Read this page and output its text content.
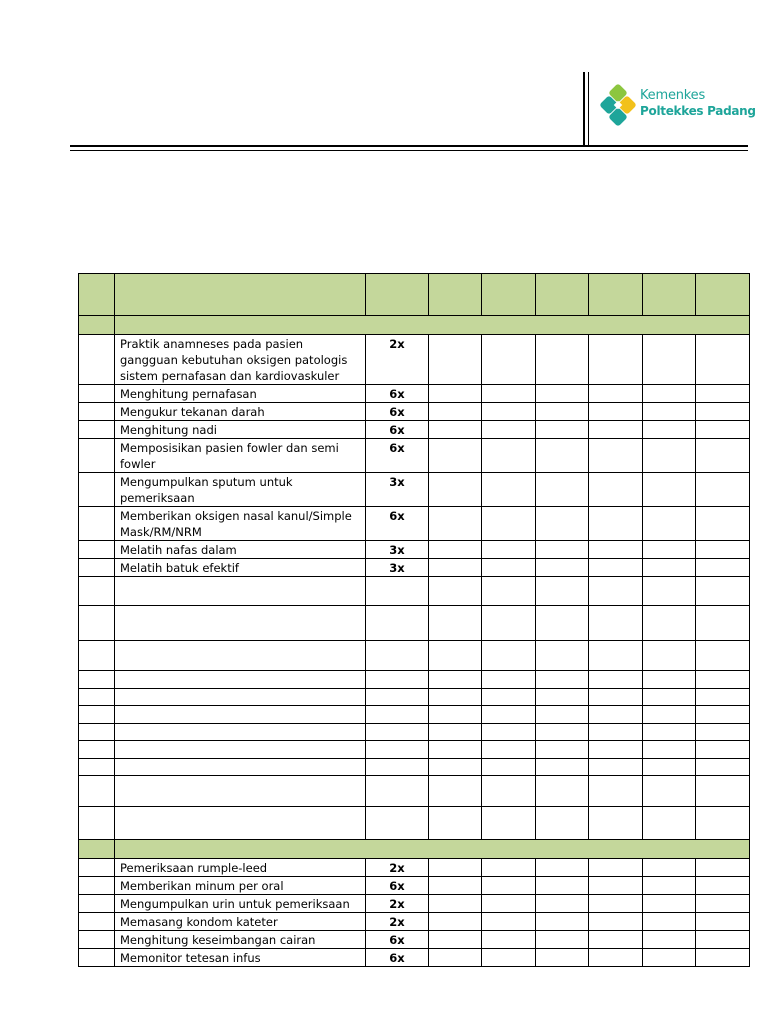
Kemenkes
Poltekkes Padang

	Praktik anamneses pada pasien gangguan kebutuhan oksigen patologis sistem pernafasan dan kardiovaskuler	2x						
	Menghitung pernafasan	6x						
	Mengukur tekanan darah	6x						
	Menghitung nadi	6x						
	Memposisikan pasien fowler dan semi fowler	6x						
	Mengumpulkan sputum untuk pemeriksaan	3x						
	Memberikan oksigen nasal kanul/Simple Mask/RM/NRM	6x						
	Melatih nafas dalam	3x						
	Melatih batuk efektif	3x						

	Pemeriksaan rumple-leed	2x						
	Memberikan minum per oral	6x						
	Mengumpulkan urin untuk pemeriksaan	2x						
	Memasang kondom kateter	2x						
	Menghitung keseimbangan cairan	6x						
	Memonitor tetesan infus	6x						
